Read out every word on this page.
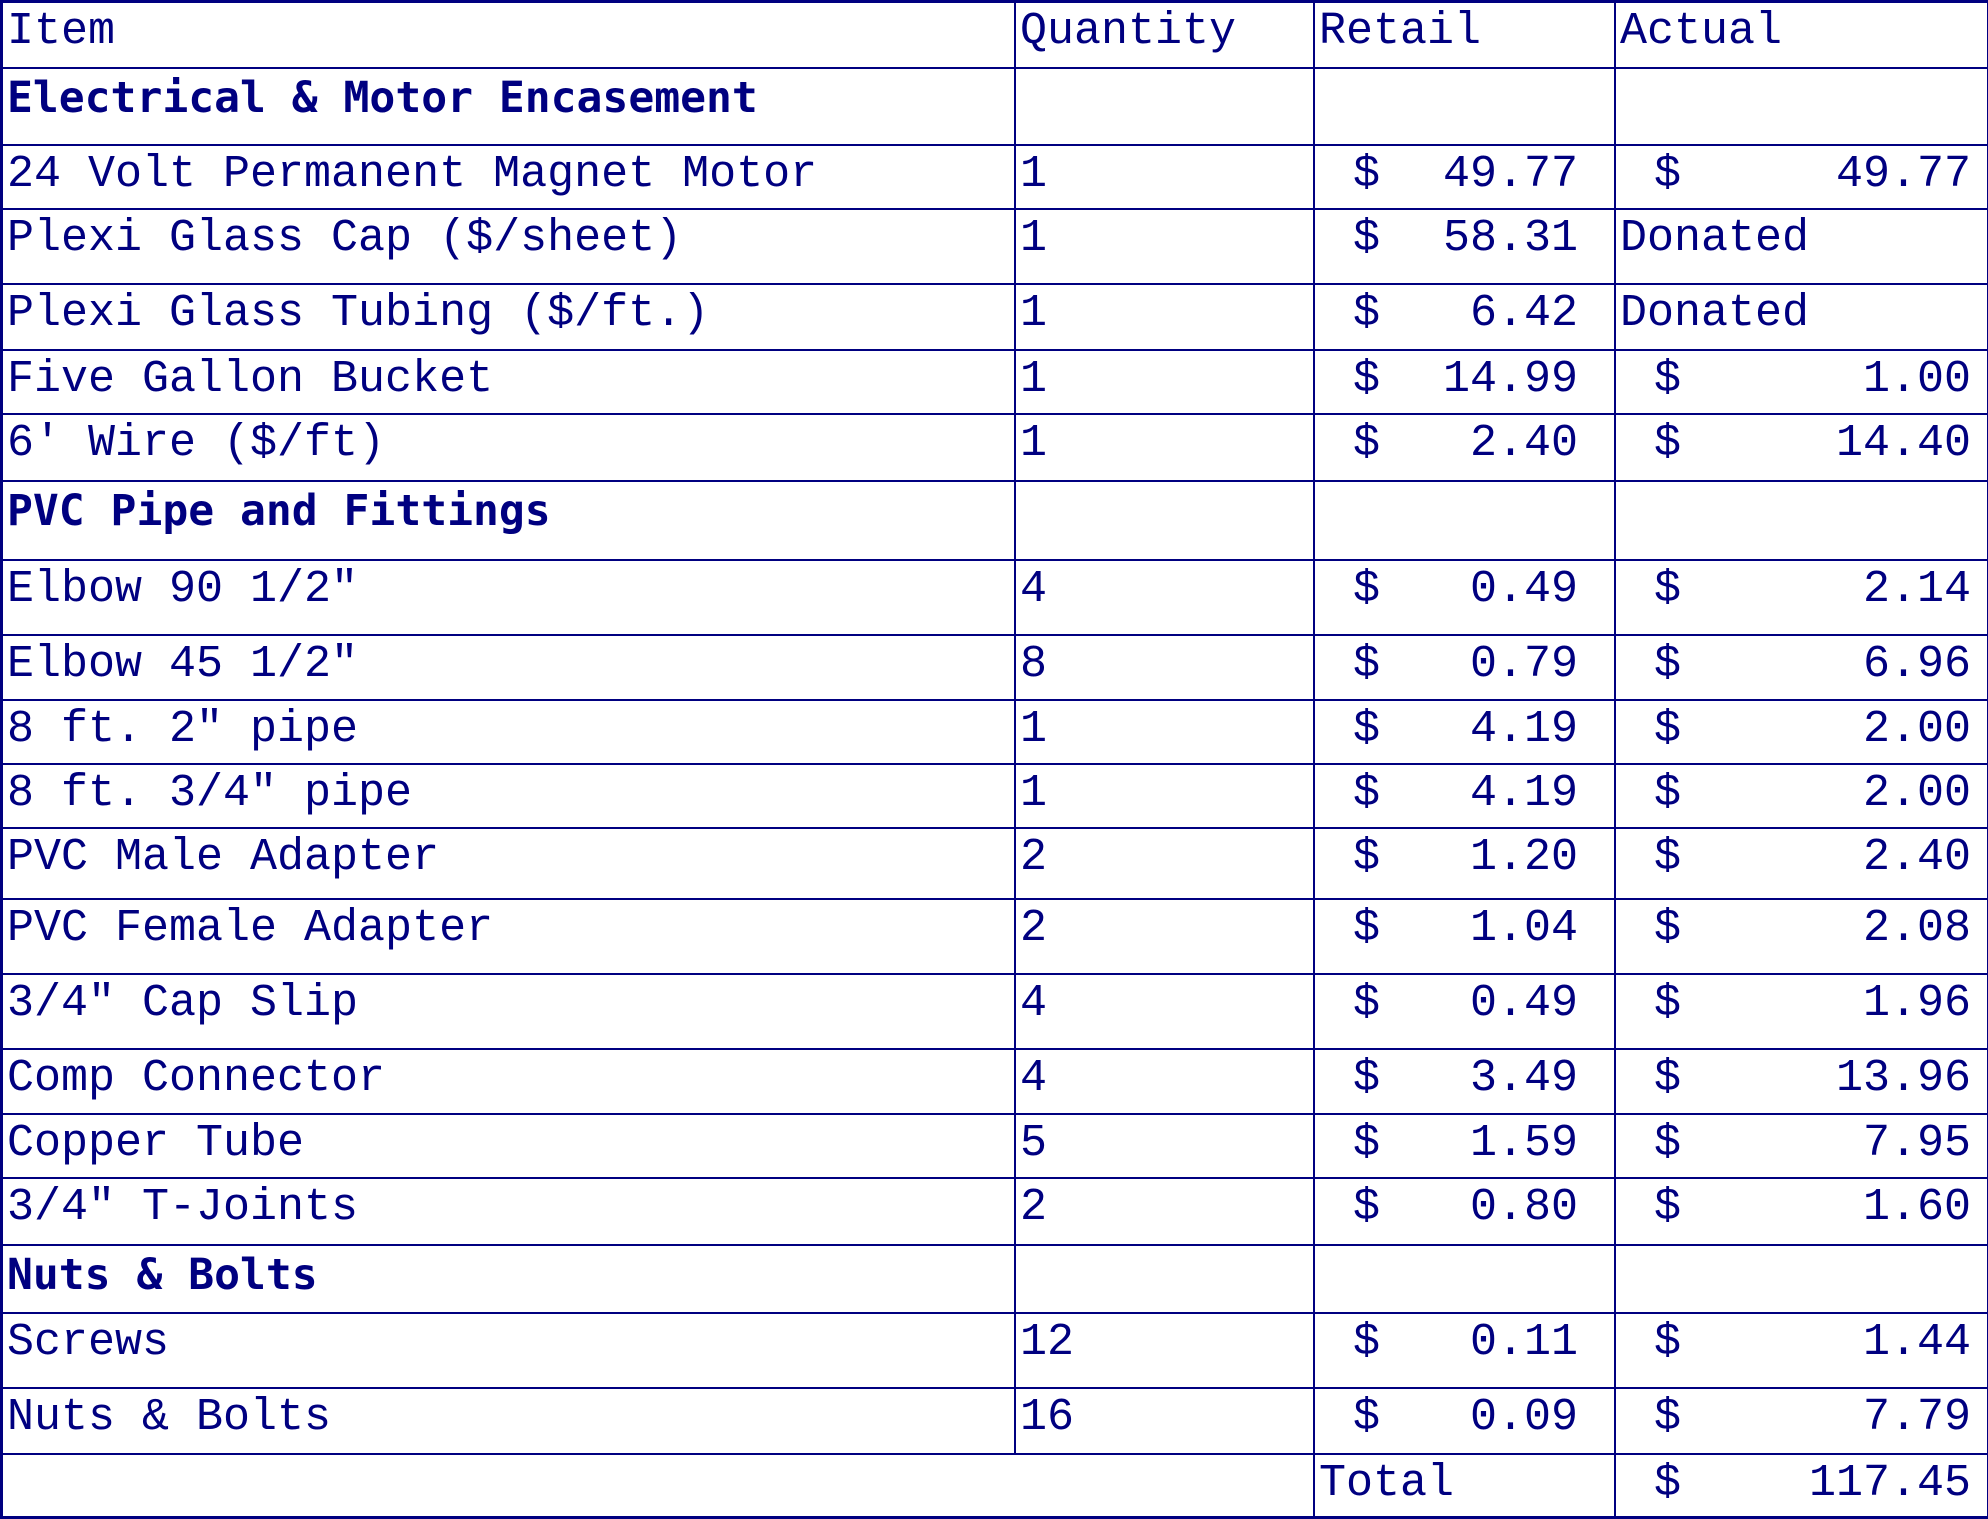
Item	Quantity	Retail	Actual
Electrical & Motor Encasement			
24 Volt Permanent Magnet Motor	1	$ 49.77	$ 49.77

Plexi Glass Cap ($/sheet)	1	$ 58.31	Donated
Plexi Glass Tubing ($/ft.)	1	$ 6.42	Donated
Five Gallon Bucket	1	$ 14.99	$ 1.00

6' Wire ($/ft)	1	$ 2.40	$ 14.40

PVC Pipe and Fittings			
Elbow 90 1/2"	4	$ 0.49	$ 2.14

Elbow 45 1/2"	8	$ 0.79	$ 6.96

8 ft. 2" pipe	1	$ 4.19	$ 2.00

8 ft. 3/4" pipe	1	$ 4.19	$ 2.00

PVC Male Adapter	2	$ 1.20	$ 2.40

PVC Female Adapter	2	$ 1.04	$ 2.08

3/4" Cap Slip	4	$ 0.49	$ 1.96

Comp Connector	4	$ 3.49	$ 13.96

Copper Tube	5	$ 1.59	$ 7.95

3/4" T-Joints	2	$ 0.80	$ 1.60

Nuts & Bolts			
Screws	12	$ 0.11	$ 1.44

Nuts & Bolts	16	$ 0.09	$ 7.79

		Total	$ 117.45
